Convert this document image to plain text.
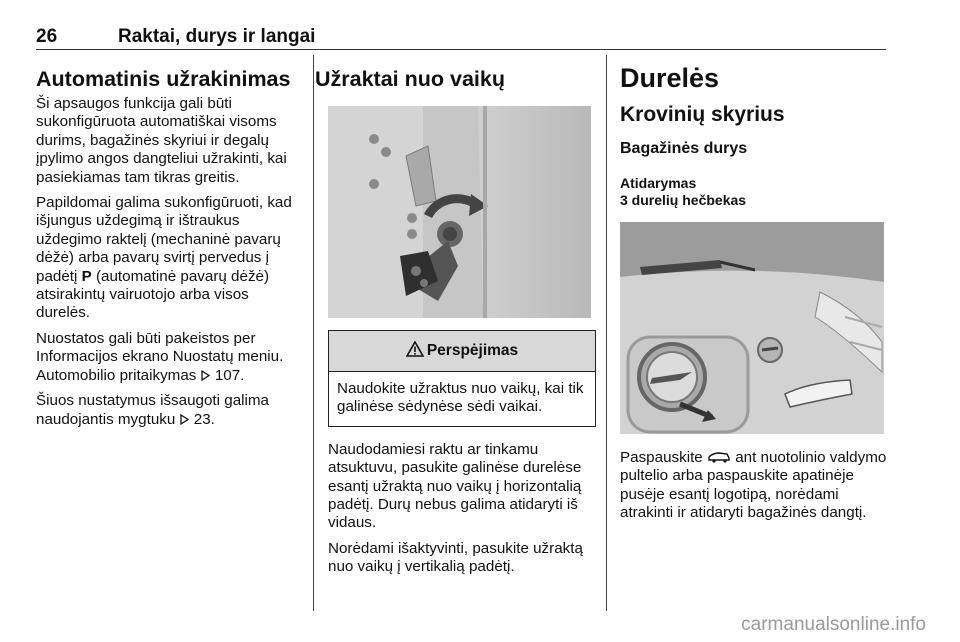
26	Raktai, durys ir langai
Automatinis užrakinimas

Ši apsaugos funkcija gali būti sukonfigūruota automatiškai visoms durims, bagažinės skyriui ir degalų įpylimo angos dangteliui užrakinti, kai pasiekiamas tam tikras greitis.

Papildomai galima sukonfigūruoti, kad išjungus uždegimą ir ištraukus uždegimo raktelį (mechaninė pavarų dėžė) arba pavarų svirtį pervedus į padėtį P (automatinė pavarų dėžė) atsirakintų vairuotojo arba visos durelės.

Nuostatos gali būti pakeistos per Informacijos ekrano Nuostatų meniu. Automobilio pritaikymas  107.

Šiuos nustatymus išsaugoti galima naudojantis mygtuku  23.

Užraktai nuo vaikų
Perspėjimas
Naudokite užraktus nuo vaikų, kai tik galinėse sėdynėse sėdi vaikai.

Naudodamiesi raktu ar tinkamu atsuktuvu, pasukite galinėse durelėse esantį užraktą nuo vaikų į horizontalią padėtį. Durų nebus galima atidaryti iš vidaus.

Norėdami išaktyvinti, pasukite užraktą nuo vaikų į vertikalią padėtį.

Durelės
Krovinių skyrius
Bagažinės durys
Atidarymas
3 durelių hečbekas

Paspauskite  ant nuotolinio valdymo pultelio arba paspauskite apatinėje pusėje esantį logotipą, norėdami atrakinti ir atidaryti bagažinės dangtį.

carmanualsonline.info
